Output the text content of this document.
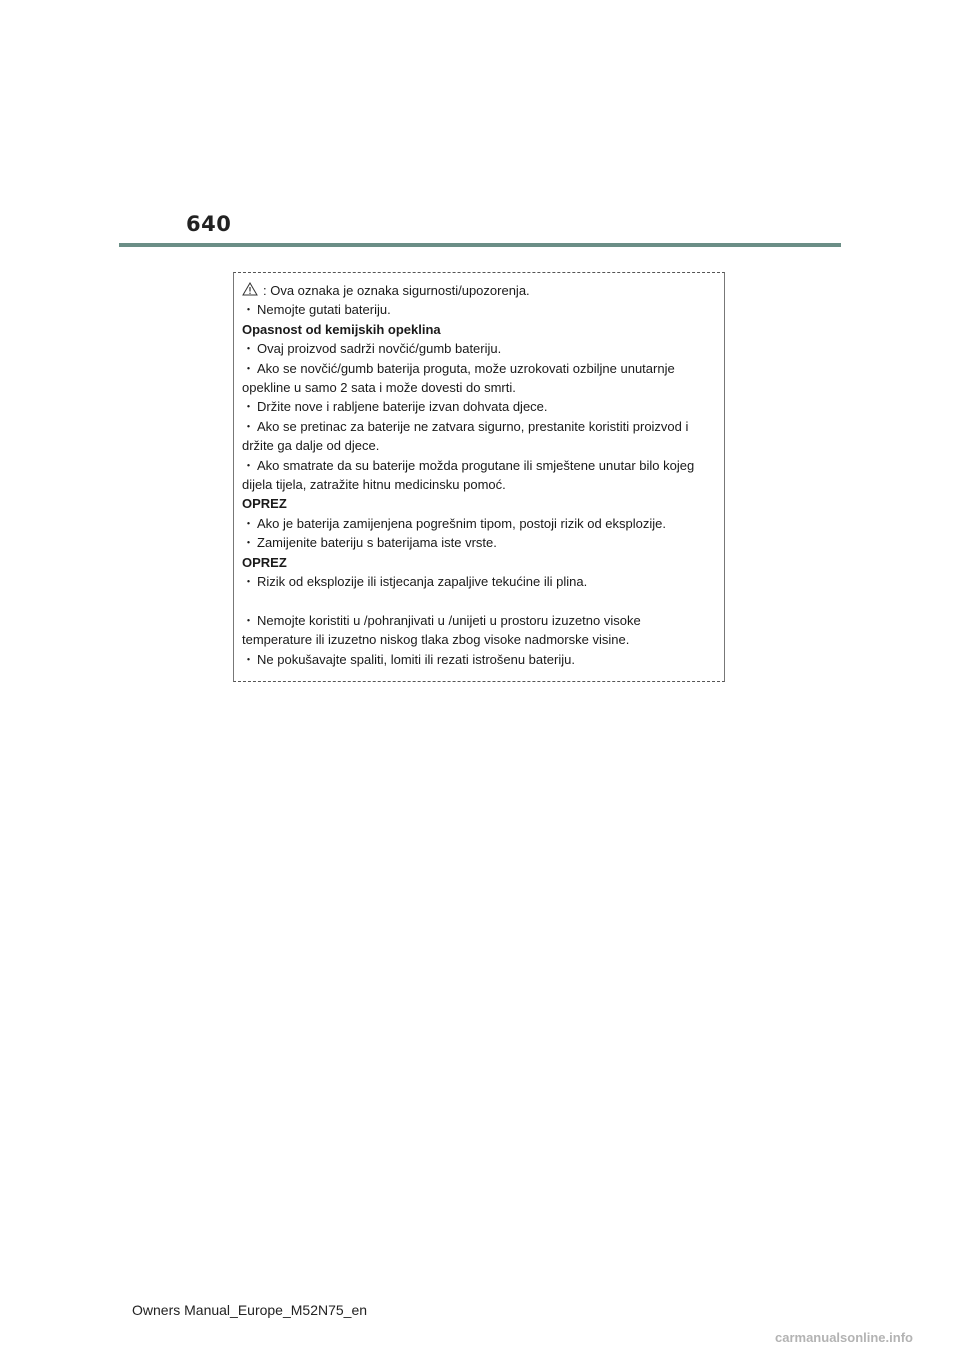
640
: Ova oznaka je oznaka sigurnosti/upozorenja.
・ Nemojte gutati bateriju.
Opasnost od kemijskih opeklina
・ Ovaj proizvod sadrži novčić/gumb bateriju.
・ Ako se novčić/gumb baterija proguta, može uzrokovati ozbiljne unutarnje
opekline u samo 2 sata i može dovesti do smrti.
・ Držite nove i rabljene baterije izvan dohvata djece.
・ Ako se pretinac za baterije ne zatvara sigurno, prestanite koristiti proizvod i
držite ga dalje od djece.
・ Ako smatrate da su baterije možda progutane ili smještene unutar bilo kojeg
dijela tijela, zatražite hitnu medicinsku pomoć.
OPREZ
・ Ako je baterija zamijenjena pogrešnim tipom, postoji rizik od eksplozije.
・ Zamijenite bateriju s baterijama iste vrste.
OPREZ
・ Rizik od eksplozije ili istjecanja zapaljive tekućine ili plina.
・ Nemojte koristiti u /pohranjivati u /unijeti u prostoru izuzetno visoke
temperature ili izuzetno niskog tlaka zbog visoke nadmorske visine.
・ Ne pokušavajte spaliti, lomiti ili rezati istrošenu bateriju.
Owners Manual_Europe_M52N75_en
carmanualsonline.info
